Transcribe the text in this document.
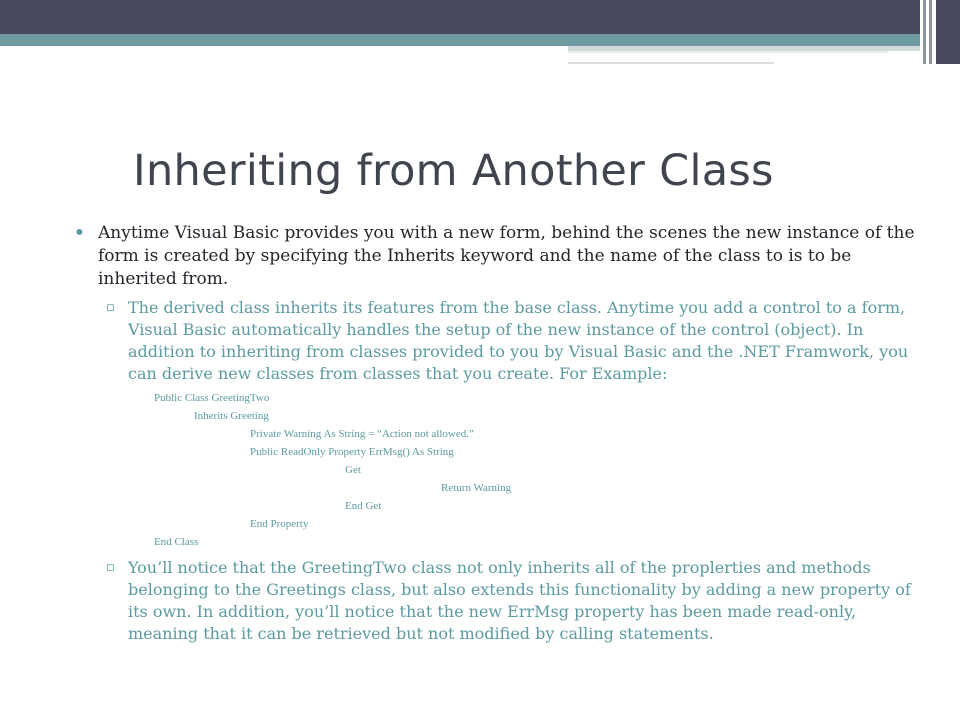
Inheriting from Another Class
• Anytime Visual Basic provides you with a new form, behind the scenes the new instance of the form is created by specifying the Inherits keyword and the name of the class to is to be inherited from.
▫ The derived class inherits its features from the base class. Anytime you add a control to a form, Visual Basic automatically handles the setup of the new instance of the control (object). In addition to inheriting from classes provided to you by Visual Basic and the .NET Framwork, you can derive new classes from classes that you create. For Example:
Public Class GreetingTwo
Inherits Greeting
Private Warning As String = “Action not allowed.”
Public ReadOnly Property ErrMsg() As String
Get
Return Warning
End Get
End Property
End Class
▫ You’ll notice that the GreetingTwo class not only inherits all of the proplerties and methods belonging to the Greetings class, but also extends this functionality by adding a new property of its own. In addition, you’ll notice that the new ErrMsg property has been made read-only, meaning that it can be retrieved but not modified by calling statements.
